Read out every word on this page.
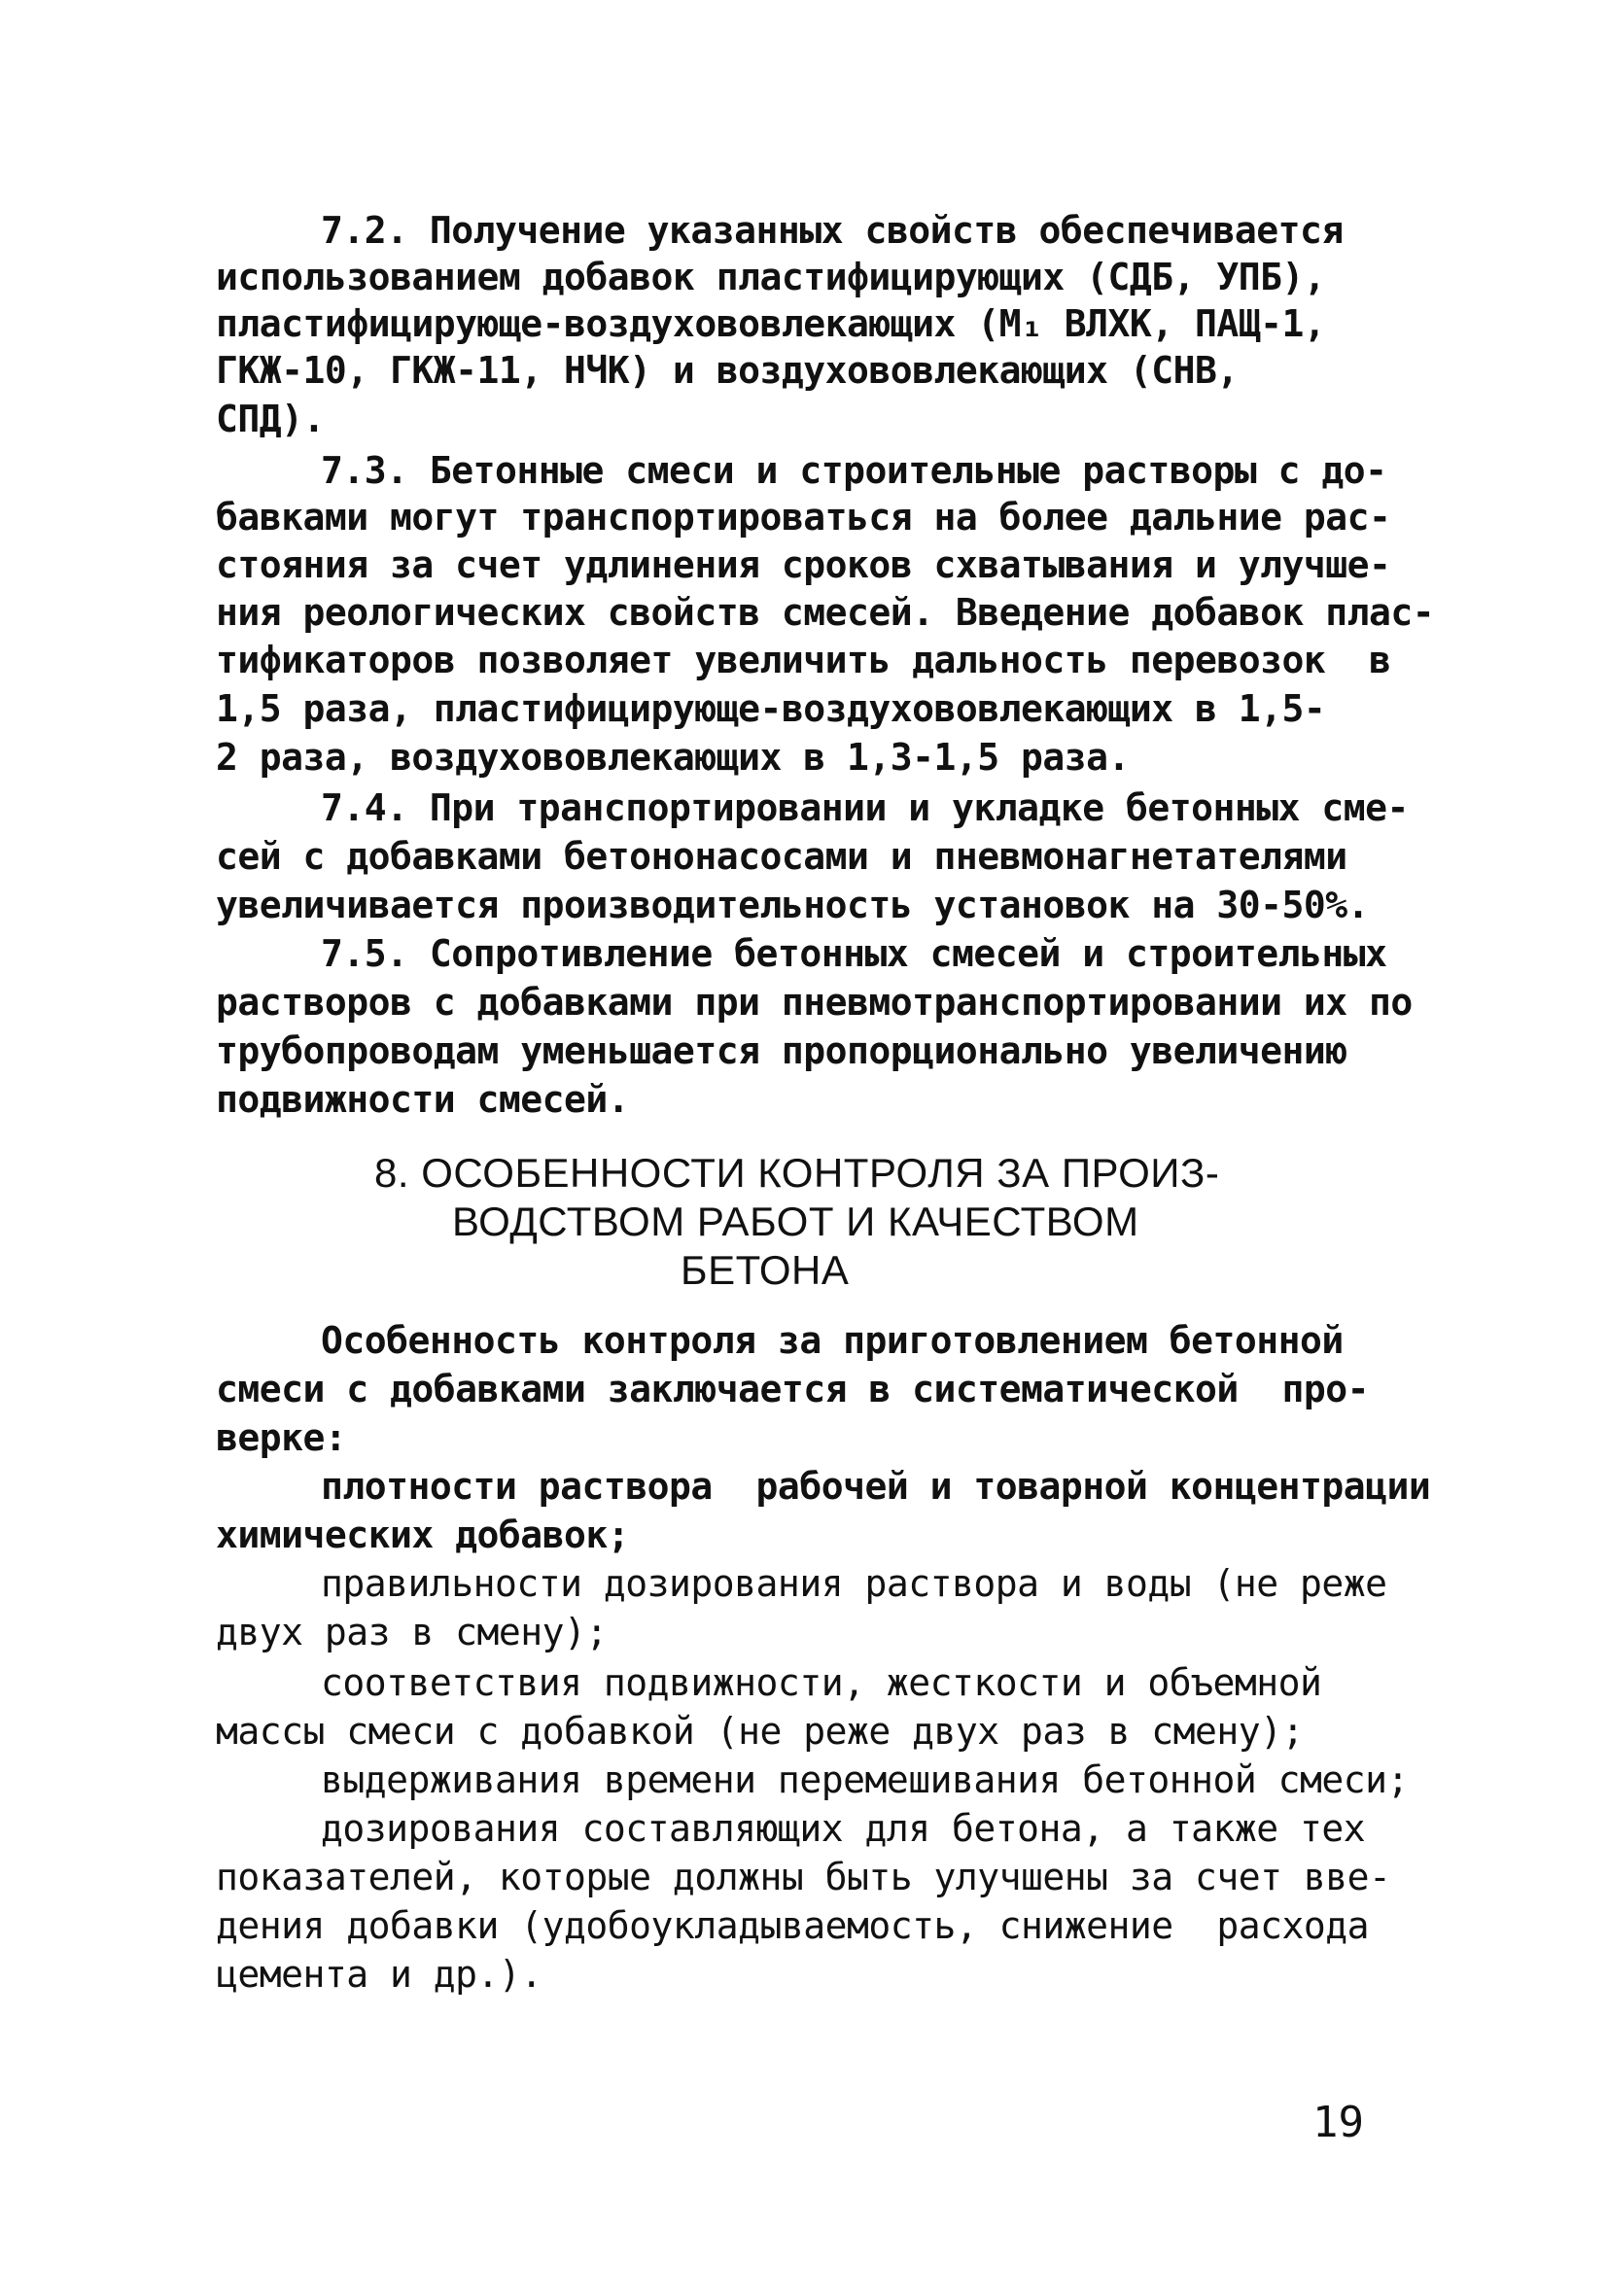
7.2. Получение указанных свойств обеспечивается
использованием добавок пластифицирующих (СДБ, УПБ),
пластифицирующе-воздухововлекающих (М₁ ВЛХК, ПАЩ-1,
ГКЖ-10, ГКЖ-11, НЧК) и воздухововлекающих (СНВ,
СПД).
7.3. Бетонные смеси и строительные растворы с до-
бавками могут транспортироваться на более дальние рас-
стояния за счет удлинения сроков схватывания и улучше-
ния реологических свойств смесей. Введение добавок плас-
тификаторов позволяет увеличить дальность перевозок  в
1,5 раза, пластифицирующе-воздухововлекающих в 1,5-
2 раза, воздухововлекающих в 1,3-1,5 раза.
7.4. При транспортировании и укладке бетонных сме-
сей с добавками бетононасосами и пневмонагнетателями
увеличивается производительность установок на 30-50%.
7.5. Сопротивление бетонных смесей и строительных
растворов с добавками при пневмотранспортировании их по
трубопроводам уменьшается пропорционально увеличению
подвижности смесей.
8. ОСОБЕННОСТИ КОНТРОЛЯ ЗА ПРОИЗ-
ВОДСТВОМ РАБОТ И КАЧЕСТВОМ
БЕТОНА
Особенность контроля за приготовлением бетонной
смеси с добавками заключается в систематической  про-
верке:
плотности раствора  рабочей и товарной концентрации
химических добавок;
правильности дозирования раствора и воды (не реже
двух раз в смену);
соответствия подвижности, жесткости и объемной
массы смеси с добавкой (не реже двух раз в смену);
выдерживания времени перемешивания бетонной смеси;
дозирования составляющих для бетона, а также тех
показателей, которые должны быть улучшены за счет вве-
дения добавки (удобоукладываемость, снижение  расхода
цемента и др.).
19
